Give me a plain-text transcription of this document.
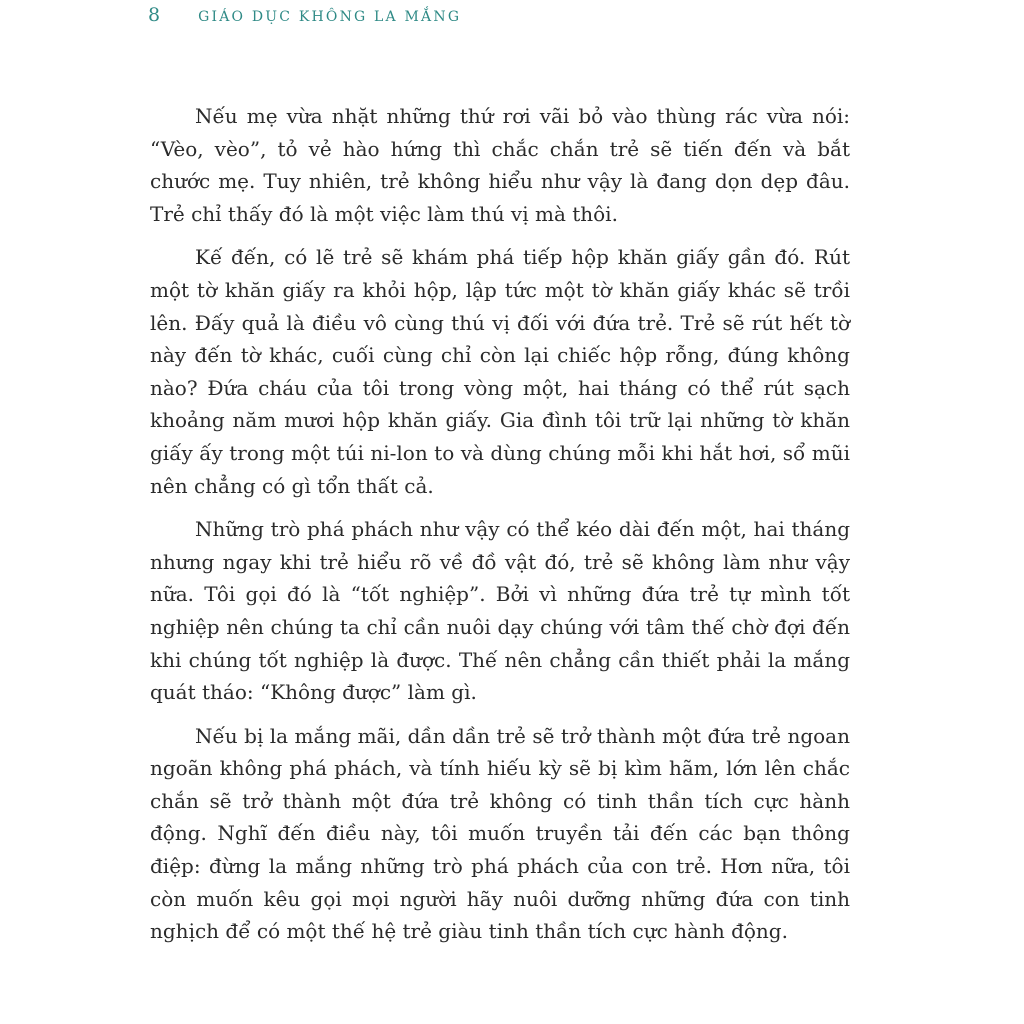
8	GIÁO DỤC KHÔNG LA MẮNG

Nếu mẹ vừa nhặt những thứ rơi vãi bỏ vào thùng rác vừa nói: “Vèo, vèo”, tỏ vẻ hào hứng thì chắc chắn trẻ sẽ tiến đến và bắt chước mẹ. Tuy nhiên, trẻ không hiểu như vậy là đang dọn dẹp đâu. Trẻ chỉ thấy đó là một việc làm thú vị mà thôi.

Kế đến, có lẽ trẻ sẽ khám phá tiếp hộp khăn giấy gần đó. Rút một tờ khăn giấy ra khỏi hộp, lập tức một tờ khăn giấy khác sẽ trồi lên. Đấy quả là điều vô cùng thú vị đối với đứa trẻ. Trẻ sẽ rút hết tờ này đến tờ khác, cuối cùng chỉ còn lại chiếc hộp rỗng, đúng không nào? Đứa cháu của tôi trong vòng một, hai tháng có thể rút sạch khoảng năm mươi hộp khăn giấy. Gia đình tôi trữ lại những tờ khăn giấy ấy trong một túi ni-lon to và dùng chúng mỗi khi hắt hơi, sổ mũi nên chẳng có gì tổn thất cả.

Những trò phá phách như vậy có thể kéo dài đến một, hai tháng nhưng ngay khi trẻ hiểu rõ về đồ vật đó, trẻ sẽ không làm như vậy nữa. Tôi gọi đó là “tốt nghiệp”. Bởi vì những đứa trẻ tự mình tốt nghiệp nên chúng ta chỉ cần nuôi dạy chúng với tâm thế chờ đợi đến khi chúng tốt nghiệp là được. Thế nên chẳng cần thiết phải la mắng quát tháo: “Không được” làm gì.

Nếu bị la mắng mãi, dần dần trẻ sẽ trở thành một đứa trẻ ngoan ngoãn không phá phách, và tính hiếu kỳ sẽ bị kìm hãm, lớn lên chắc chắn sẽ trở thành một đứa trẻ không có tinh thần tích cực hành động. Nghĩ đến điều này, tôi muốn truyền tải đến các bạn thông điệp: đừng la mắng những trò phá phách của con trẻ. Hơn nữa, tôi còn muốn kêu gọi mọi người hãy nuôi dưỡng những đứa con tinh nghịch để có một thế hệ trẻ giàu tinh thần tích cực hành động.
